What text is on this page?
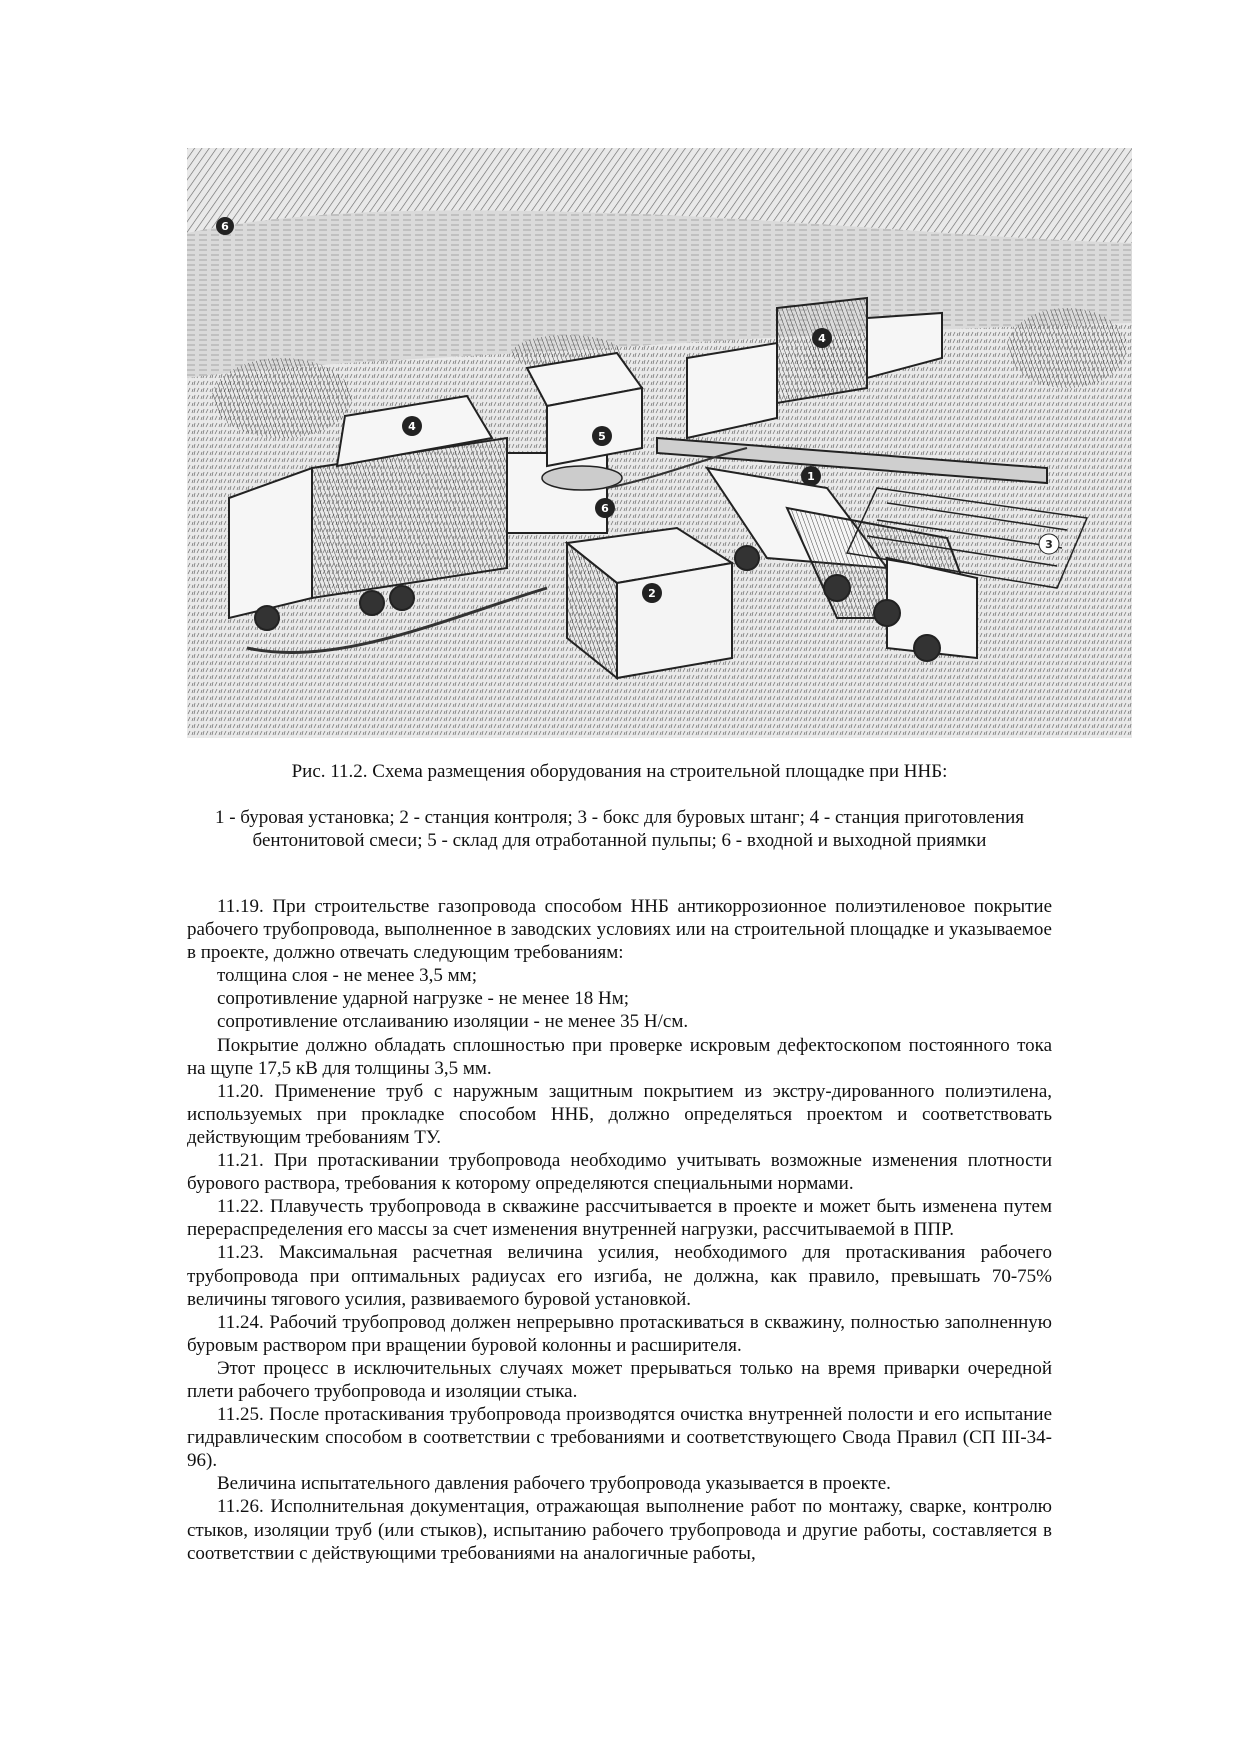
1
2
3
4
4
5
6
6
Рис. 11.2. Схема размещения оборудования на строительной площадке при ННБ:
1 - буровая установка; 2 - станция контроля; 3 - бокс для буровых штанг; 4 - станция приготовления бентонитовой смеси; 5 - склад для отработанной пульпы; 6 - входной и выходной приямки

11.19. При строительстве газопровода способом ННБ антикоррозионное полиэтиленовое покрытие рабочего трубопровода, выполненное в заводских условиях или на строительной площадке и указываемое в проекте, должно отвечать следующим требованиям:

толщина слоя - не менее 3,5 мм;

сопротивление ударной нагрузке - не менее 18 Нм;

сопротивление отслаиванию изоляции - не менее 35 Н/см.

Покрытие должно обладать сплошностью при проверке искровым дефектоскопом постоянного тока на щупе 17,5 кВ для толщины 3,5 мм.

11.20. Применение труб с наружным защитным покрытием из экстру-дированного полиэтилена, используемых при прокладке способом ННБ, должно определяться проектом и соответствовать действующим требованиям ТУ.

11.21. При протаскивании трубопровода необходимо учитывать возможные изменения плотности бурового раствора, требования к которому определяются специальными нормами.

11.22. Плавучесть трубопровода в скважине рассчитывается в проекте и может быть изменена путем перераспределения его массы за счет изменения внутренней нагрузки, рассчитываемой в ППР.

11.23. Максимальная расчетная величина усилия, необходимого для протаскивания рабочего трубопровода при оптимальных радиусах его изгиба, не должна, как правило, превышать 70-75% величины тягового усилия, развиваемого буровой установкой.

11.24. Рабочий трубопровод должен непрерывно протаскиваться в скважину, полностью заполненную буровым раствором при вращении буровой колонны и расширителя.

Этот процесс в исключительных случаях может прерываться только на время приварки очередной плети рабочего трубопровода и изоляции стыка.

11.25. После протаскивания трубопровода производятся очистка внутренней полости и его испытание гидравлическим способом в соответствии с требованиями и соответствующего Свода Правил (СП III-34-96).

Величина испытательного давления рабочего трубопровода указывается в проекте.

11.26. Исполнительная документация, отражающая выполнение работ по монтажу, сварке, контролю стыков, изоляции труб (или стыков), испытанию рабочего трубопровода и другие работы, составляется в соответствии с действующими требованиями на аналогичные работы,
